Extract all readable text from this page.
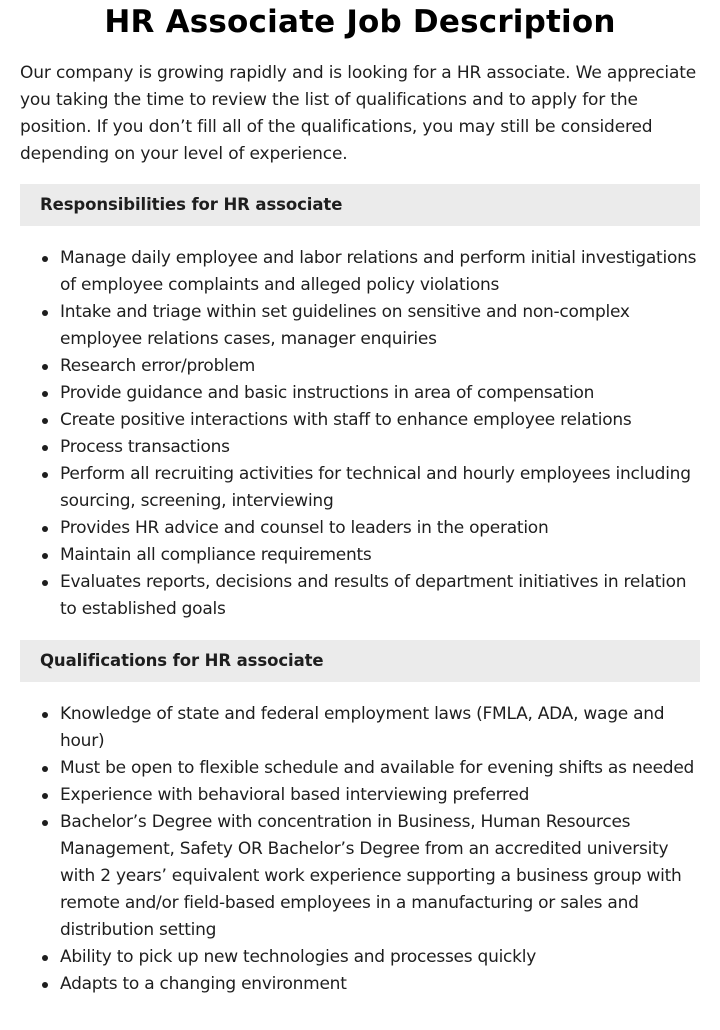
HR Associate Job Description

Our company is growing rapidly and is looking for a HR associate. We appreciate you taking the time to review the list of qualifications and to apply for the position. If you don’t fill all of the qualifications, you may still be considered depending on your level of experience.

Responsibilities for HR associate
Manage daily employee and labor relations and perform initial investigations of employee complaints and alleged policy violations
Intake and triage within set guidelines on sensitive and non-complex employee relations cases, manager enquiries
Research error/problem
Provide guidance and basic instructions in area of compensation
Create positive interactions with staff to enhance employee relations
Process transactions
Perform all recruiting activities for technical and hourly employees including sourcing, screening, interviewing
Provides HR advice and counsel to leaders in the operation
Maintain all compliance requirements
Evaluates reports, decisions and results of department initiatives in relation to established goals
Qualifications for HR associate
Knowledge of state and federal employment laws (FMLA, ADA, wage and hour)
Must be open to flexible schedule and available for evening shifts as needed
Experience with behavioral based interviewing preferred
Bachelor’s Degree with concentration in Business, Human Resources Management, Safety OR Bachelor’s Degree from an accredited university with 2 years’ equivalent work experience supporting a business group with remote and/or field-based employees in a manufacturing or sales and distribution setting
Ability to pick up new technologies and processes quickly
Adapts to a changing environment
